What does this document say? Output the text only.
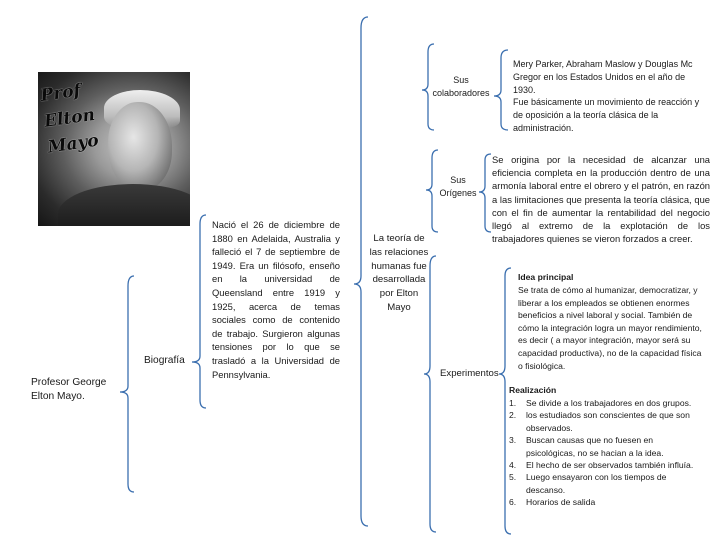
Prof
Elton
Mayo
Profesor George Elton Mayo.
Biografía
Nació el 26 de diciembre de 1880 en Adelaida, Australia y falleció el 7 de septiembre de 1949. Era un filósofo, enseño en la universidad de Queensland entre 1919 y 1925, acerca de temas sociales como de contenido de trabajo. Surgieron algunas tensiones por lo que se trasladó a la Universidad de Pennsylvania.
La teoría de las relaciones humanas fue desarrollada por Elton Mayo
Sus colaboradores
Mery Parker, Abraham Maslow y Douglas Mc Gregor en los Estados Unidos en el año de 1930.
Fue básicamente un movimiento de reacción y de oposición a la teoría clásica de la administración.
Sus Orígenes
Se origina por la necesidad de alcanzar una eficiencia completa en la producción dentro de una armonía laboral entre el obrero y el patrón, en razón a las limitaciones que presenta la teoría clásica, que con el fin de aumentar la rentabilidad del negocio llegó al extremo de la explotación de los trabajadores quienes se vieron forzados a creer.
Experimentos
Idea principal
Se trata de cómo al humanizar, democratizar, y liberar a los empleados se obtienen enormes beneficios a nivel laboral y social. También de cómo la integración logra un mayor rendimiento, es decir ( a mayor integración, mayor será su capacidad productiva), no de la capacidad física o fisiológica.
Realización
1.	Se divide a los trabajadores en dos grupos.
2.	los estudiados son conscientes de que son observados.
3.	Buscan causas que no fuesen en psicológicas, no se hacian a la idea.
4.	El hecho de ser observados también influía.
5.	Luego ensayaron con los tiempos de descanso.
6.	Horarios de salida
